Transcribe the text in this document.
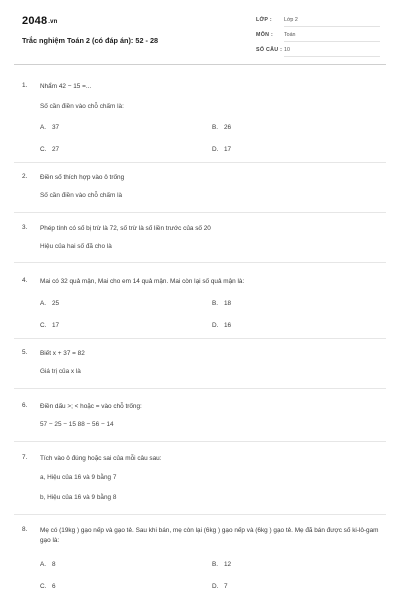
2048.vn
Trắc nghiệm Toán 2 (có đáp án): 52 - 28
LỚP : Lớp 2
MÔN : Toán
SỐ CÂU : 10
1. Nhẩm 42 − 15 =...
Số cần điền vào chỗ chấm là:
A. 37	B. 26
C. 27	D. 17
2. Điền số thích hợp vào ô trống
Số cần điền vào chỗ chấm là
3. Phép tính có số bị trừ là 72, số trừ là số liền trước của số 20
Hiệu của hai số đã cho là
4. Mai có 32 quả mận, Mai cho em 14 quả mận. Mai còn lại số quả mận là:
A. 25	B. 18
C. 17	D. 16
5. Biết x + 37 = 82
Giá trị của x là
6. Điền dấu >; < hoặc = vào chỗ trống:
57 − 25 − 15 88 − 56 − 14
7. Tích vào ô đúng hoặc sai của mỗi câu sau:
a, Hiệu của 16 và 9 bằng 7
b, Hiệu của 16 và 9 bằng 8
8. Mẹ có (19kg ) gạo nếp và gạo tẻ. Sau khi bán, mẹ còn lại (6kg ) gạo nếp và (6kg ) gạo tẻ. Mẹ đã bán được số ki-lô-gam gạo là:
A. 8	B. 12
C. 6	D. 7
